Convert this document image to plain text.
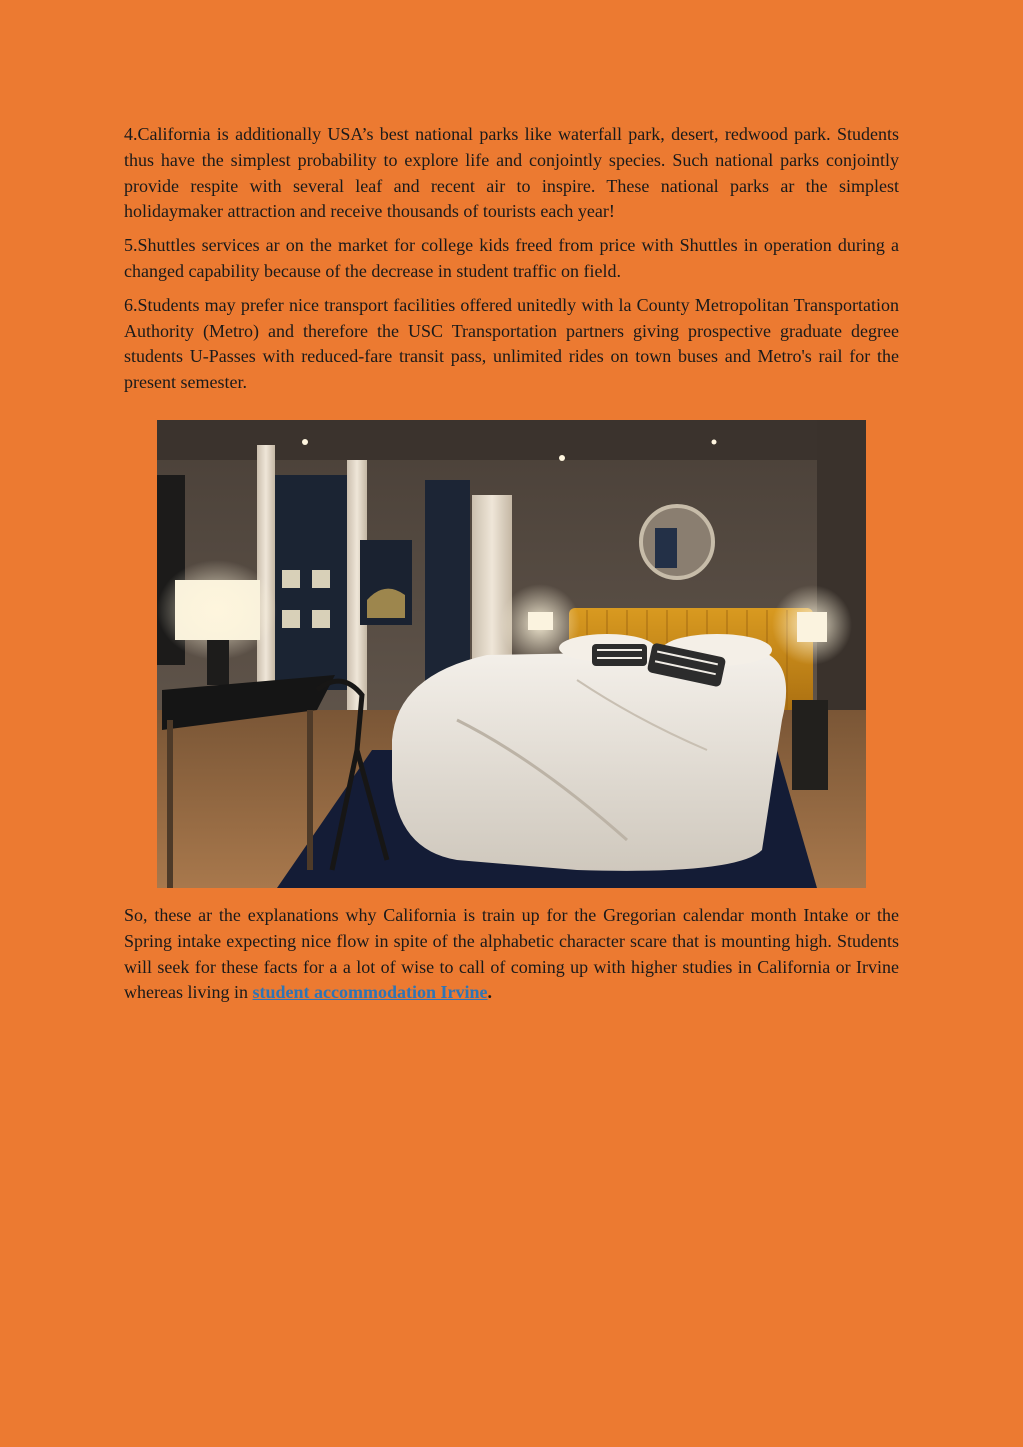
4.California is additionally USA’s best national parks like waterfall park, desert, redwood park. Students thus have the simplest probability to explore life and conjointly species. Such national parks conjointly provide respite with several leaf and recent air to inspire. These national parks ar the simplest holidaymaker attraction and receive thousands of tourists each year!

5.Shuttles services ar on the market for college kids freed from price with Shuttles in operation during a changed capability because of the decrease in student traffic on field.

6.Students may prefer nice transport facilities offered unitedly with la County Metropolitan Transportation Authority (Metro) and therefore the USC Transportation partners giving prospective graduate degree students U-Passes with reduced-fare transit pass, unlimited rides on town buses and Metro's rail for the present semester.

So, these ar the explanations why California is train up for the Gregorian calendar month Intake or the Spring intake expecting nice flow in spite of the alphabetic character scare that is mounting high. Students will seek for these facts for a a lot of wise to call of coming up with higher studies in California or Irvine whereas living in student accommodation Irvine.
